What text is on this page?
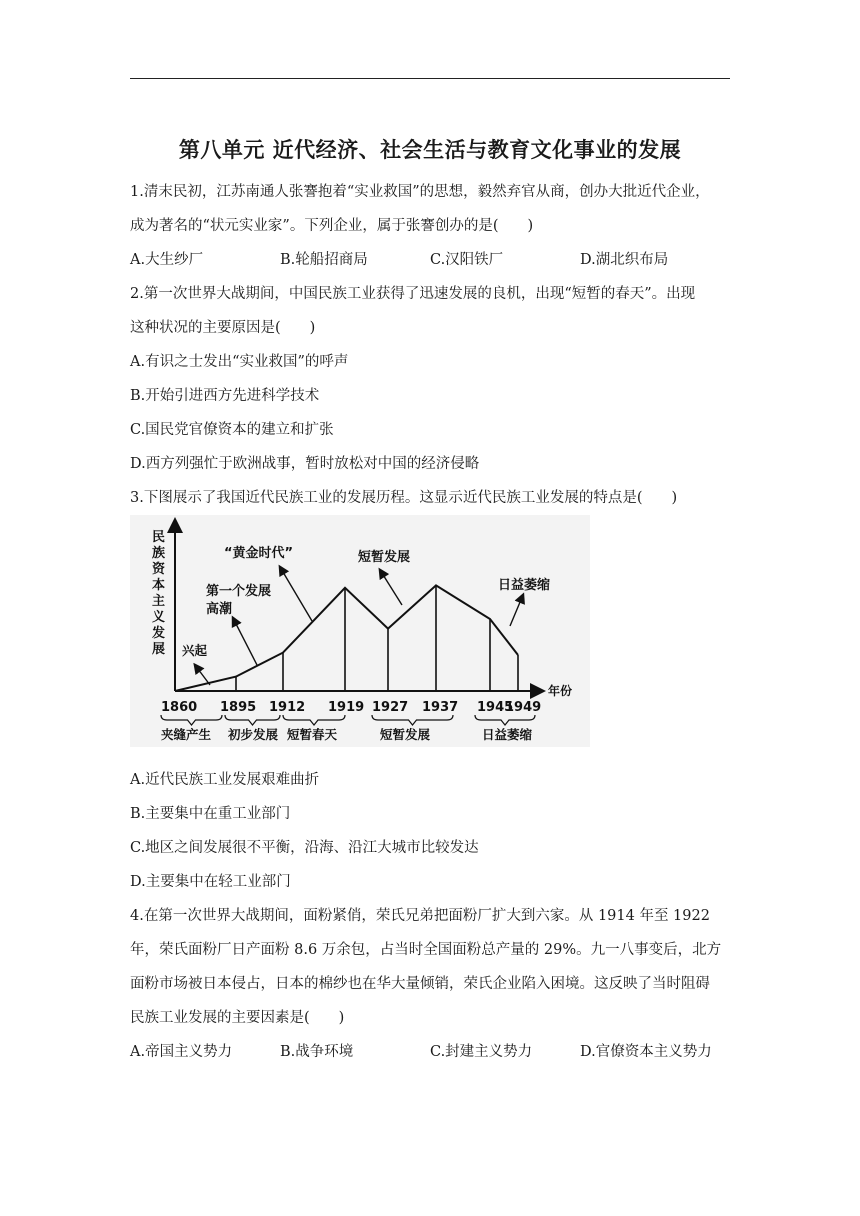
第八单元 近代经济、社会生活与教育文化事业的发展
1.清末民初，江苏南通人张謇抱着“实业救国”的思想，毅然弃官从商，创办大批近代企业，
成为著名的“状元实业家”。下列企业，属于张謇创办的是(　　)
A.大生纱厂	B.轮船招商局	C.汉阳铁厂	D.湖北织布局
2.第一次世界大战期间，中国民族工业获得了迅速发展的良机，出现“短暂的春天”。出现
这种状况的主要原因是(　　)
A.有识之士发出“实业救国”的呼声
B.开始引进西方先进科学技术
C.国民党官僚资本的建立和扩张
D.西方列强忙于欧洲战事，暂时放松对中国的经济侵略
3.下图展示了我国近代民族工业的发展历程。这显示近代民族工业发展的特点是(　　)
民
族
资
本
主
义
发
展
年份
1860 1895 1912 1919 1927 1937 1945
1949
夹缝产生 初步发展 短暂春天	短暂发展	日益萎缩
“黄金时代”
第一个发展
高潮
兴起
短暂发展
日益萎缩
A.近代民族工业发展艰难曲折
B.主要集中在重工业部门
C.地区之间发展很不平衡，沿海、沿江大城市比较发达
D.主要集中在轻工业部门
4.在第一次世界大战期间，面粉紧俏，荣氏兄弟把面粉厂扩大到六家。从 1914 年至 1922
年，荣氏面粉厂日产面粉 8.6 万余包，占当时全国面粉总产量的 29%。九一八事变后，北方
面粉市场被日本侵占，日本的棉纱也在华大量倾销，荣氏企业陷入困境。这反映了当时阻碍
民族工业发展的主要因素是(　　)
A.帝国主义势力	B.战争环境	C.封建主义势力	D.官僚资本主义势力
